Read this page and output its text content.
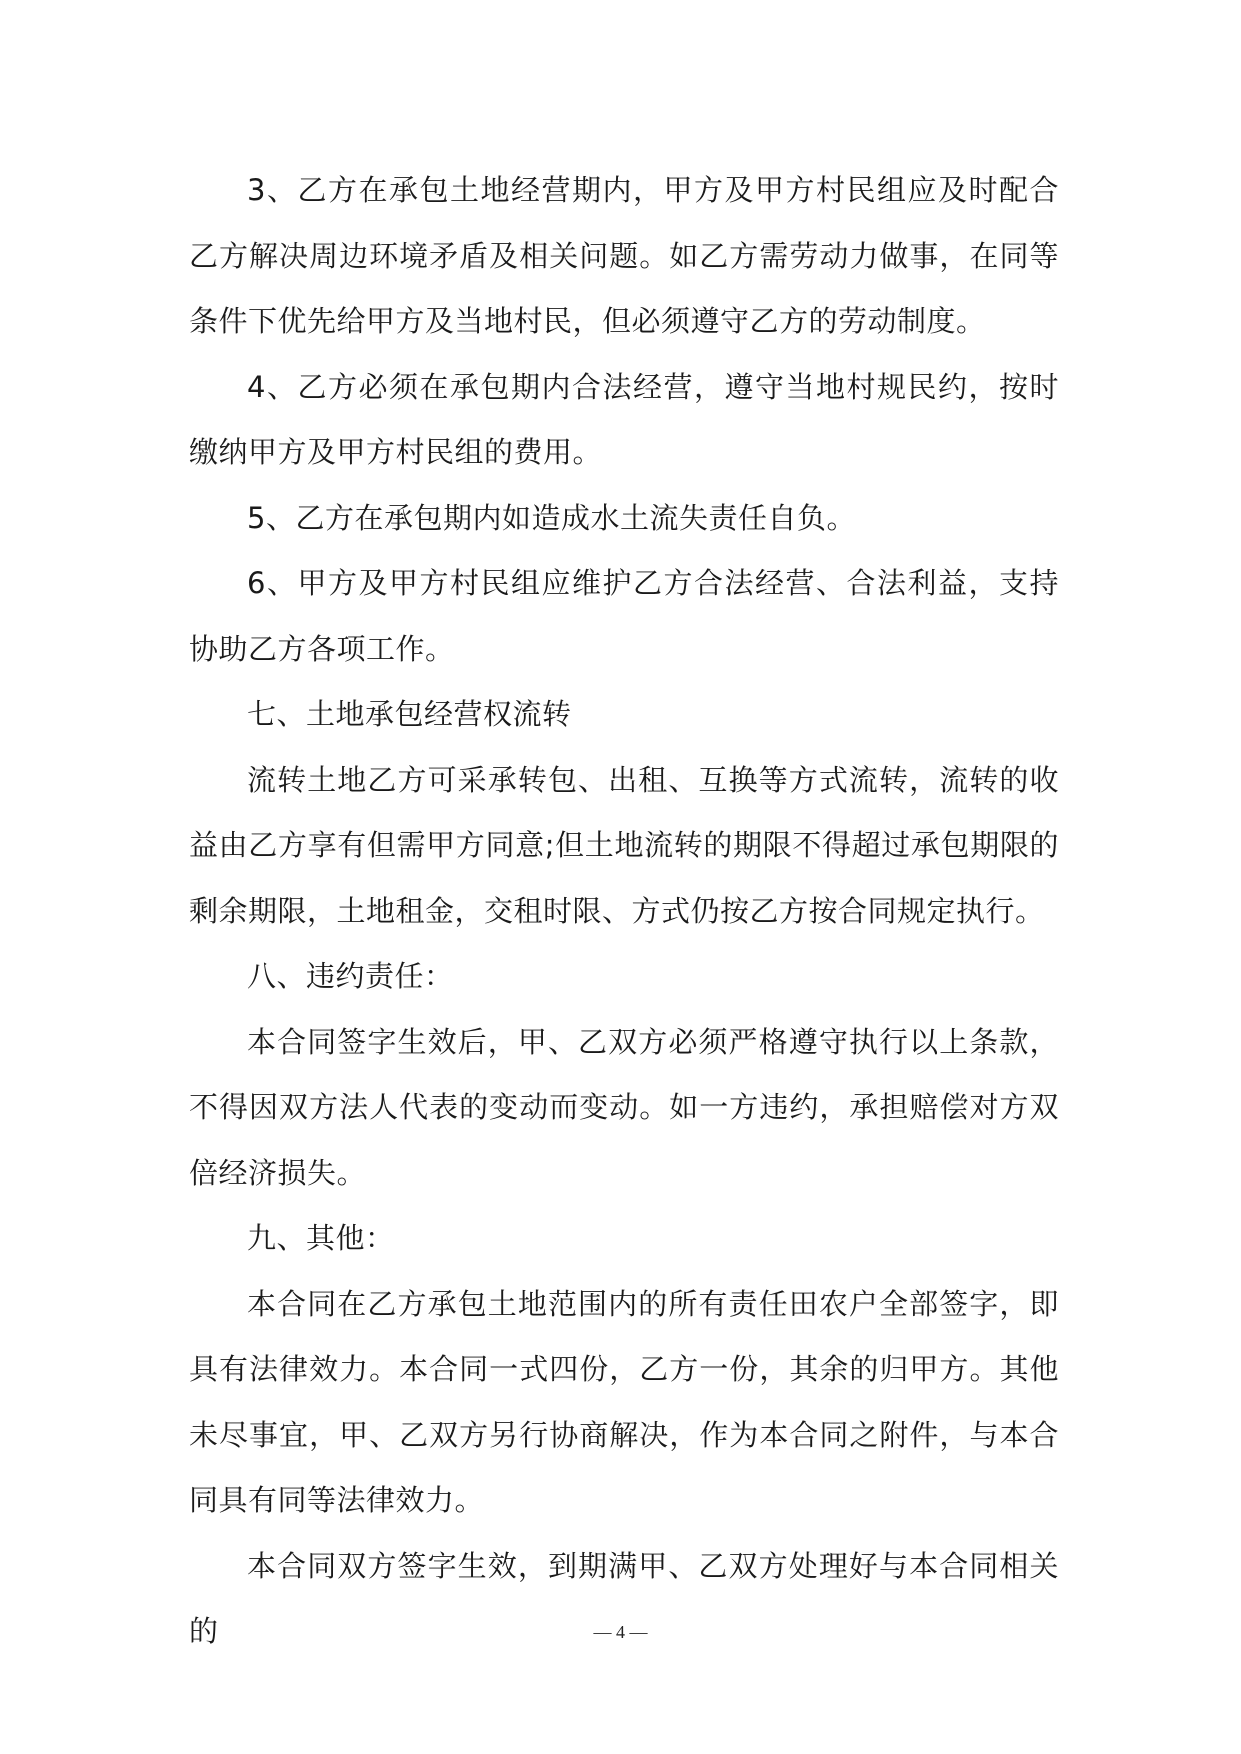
3、乙方在承包土地经营期内，甲方及甲方村民组应及时配合乙方解决周边环境矛盾及相关问题。如乙方需劳动力做事，在同等条件下优先给甲方及当地村民，但必须遵守乙方的劳动制度。

4、乙方必须在承包期内合法经营，遵守当地村规民约，按时缴纳甲方及甲方村民组的费用。

5、乙方在承包期内如造成水土流失责任自负。

6、甲方及甲方村民组应维护乙方合法经营、合法利益，支持协助乙方各项工作。

七、土地承包经营权流转

流转土地乙方可采承转包、出租、互换等方式流转，流转的收益由乙方享有但需甲方同意;但土地流转的期限不得超过承包期限的剩余期限，土地租金，交租时限、方式仍按乙方按合同规定执行。

八、违约责任：

本合同签字生效后，甲、乙双方必须严格遵守执行以上条款，不得因双方法人代表的变动而变动。如一方违约，承担赔偿对方双倍经济损失。

九、其他：

本合同在乙方承包土地范围内的所有责任田农户全部签字，即具有法律效力。本合同一式四份，乙方一份，其余的归甲方。其他未尽事宜，甲、乙双方另行协商解决，作为本合同之附件，与本合同具有同等法律效力。

本合同双方签字生效，到期满甲、乙双方处理好与本合同相关的	— 4 —
